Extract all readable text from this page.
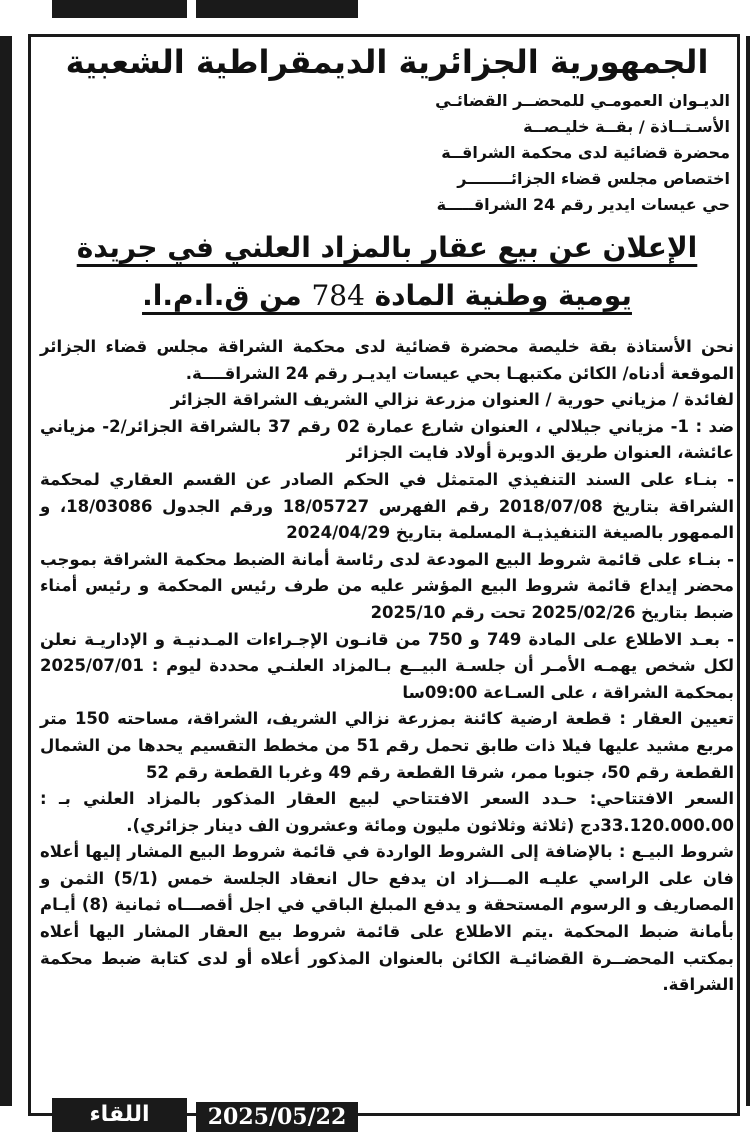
الجمهورية الجزائرية الديمقراطية الشعبية
الديـوان العمومـي للمحضــر القضائـي
الأسـتــاذة / بقــة خليـصــة
محضرة قضائية لدى محكمة الشراقــة
اختصاص مجلس قضاء الجزائــــــــر
حي عيسات ايدير رقم 24 الشراقـــــة
الإعلان عن بيع عقار بالمزاد العلني في جريدة
يومية وطنية المادة 784 من ق.ا.م.ا.

نحن الأستاذة بقة خليصة محضرة قضائية لدى محكمة الشراقة مجلس قضاء الجزائر الموقعة أدناه/ الكائن مكتبهـا بحي عيسات ايديـر رقم 24 الشراقــــة.

لفائدة / مزياني حورية / العنوان مزرعة نزالي الشريف الشراقة الجزائر

ضد : 1- مزياني جيلالي ، العنوان شارع عمارة 02 رقم 37 بالشراقة الجزائر/2- مزياني عائشة، العنوان طريق الدويرة أولاد فايت الجزائر

- بنـاء على السند التنفيذي المتمثل في الحكم الصادر عن القسم العقاري لمحكمة الشراقة بتاريخ 2018/07/08 رقم الفهرس 18/05727 ورقم الجدول 18/03086، و الممهور بالصيغة التنفيذيـة المسلمة بتاريخ 2024/04/29

- بنـاء على قائمة شروط البيع المودعة لدى رئاسة أمانة الضبط محكمة الشراقة بموجب محضر إيداع قائمة شروط البيع المؤشر عليه من طرف رئيس المحكمة و رئيس أمناء ضبط بتاريخ 2025/02/26 تحت رقم 2025/10

- بعـد الاطلاع على المادة 749 و 750 من قانـون الإجـراءات المـدنيـة و الإداريـة نعلن لكل شخص يهمـه الأمـر أن جلسـة البيــع بـالمزاد العلنـي محددة ليوم : 2025/07/01 بمحكمة الشراقة ، على السـاعة 09:00سا

تعيين العقار : قطعة ارضية كائنة بمزرعة نزالي الشريف، الشراقة، مساحته 150 متر مربع مشيد عليها فيلا ذات طابق تحمل رقم 51 من مخطط التقسيم يحدها من الشمال القطعة رقم 50، جنوبا ممر، شرقا القطعة رقم 49 وغربا القطعة رقم 52

السعر الافتتاحي: حـدد السعر الافتتاحي لبيع العقار المذكور بالمزاد العلني بـ : 33.120.000.00دج (ثلاثة وثلاثون مليون ومائة وعشرون الف دينار جزائري).

شروط البيـع : بالإضافة إلى الشروط الواردة في قائمة شروط البيع المشار إليها أعلاه فان على الراسي عليـه المـــزاد ان يدفع حال انعقاد الجلسة خمس (5/1) الثمن و المصاريف و الرسوم المستحقة و يدفع المبلغ الباقي في اجل أقصـــاه ثمانية (8) أيـام بأمانة ضبط المحكمة .يتم الاطلاع على قائمة شروط بيع العقار المشار اليها أعلاه بمكتب المحضــرة القضائيـة الكائن بالعنوان المذكور أعلاه أو لدى كتابة ضبط محكمة الشراقة.

اللقاء	2025/05/22
